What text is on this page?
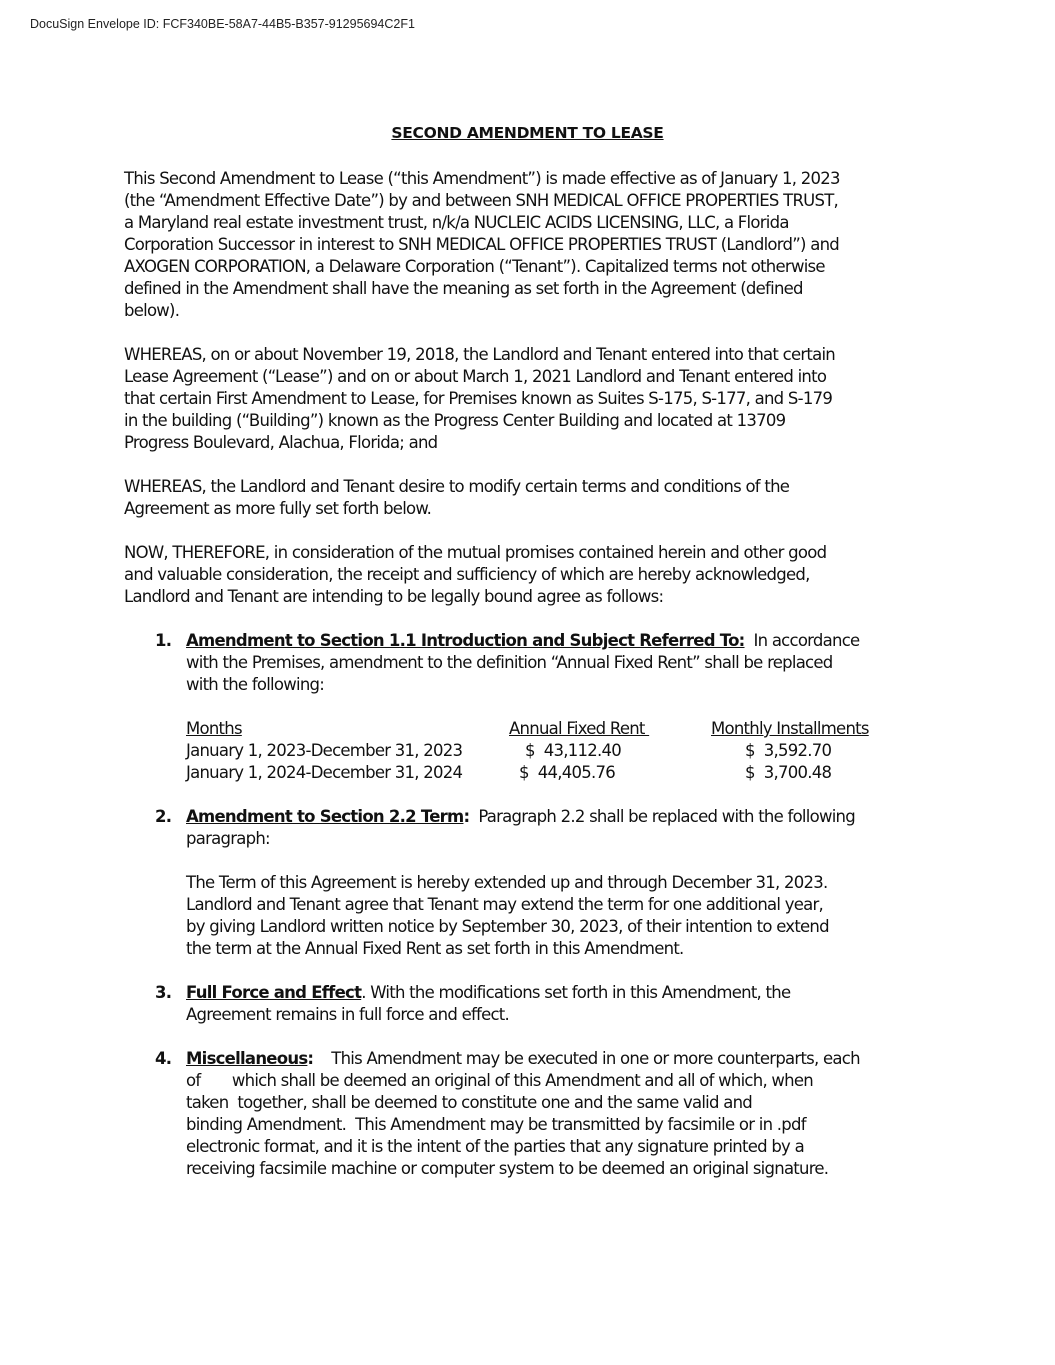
DocuSign Envelope ID: FCF340BE-58A7-44B5-B357-91295694C2F1
SECOND AMENDMENT TO LEASE

This Second Amendment to Lease (“this Amendment”) is made effective as of January 1, 2023
(the “Amendment Effective Date”) by and between SNH MEDICAL OFFICE PROPERTIES TRUST,
a Maryland real estate investment trust, n/k/a NUCLEIC ACIDS LICENSING, LLC, a Florida
Corporation Successor in interest to SNH MEDICAL OFFICE PROPERTIES TRUST (Landlord”) and
AXOGEN CORPORATION, a Delaware Corporation (“Tenant”). Capitalized terms not otherwise
defined in the Amendment shall have the meaning as set forth in the Agreement (defined
below).

WHEREAS, on or about November 19, 2018, the Landlord and Tenant entered into that certain
Lease Agreement (“Lease”) and on or about March 1, 2021 Landlord and Tenant entered into
that certain First Amendment to Lease, for Premises known as Suites S-175, S-177, and S-179
in the building (“Building”) known as the Progress Center Building and located at 13709
Progress Boulevard, Alachua, Florida; and

WHEREAS, the Landlord and Tenant desire to modify certain terms and conditions of the
Agreement as more fully set forth below.

NOW, THEREFORE, in consideration of the mutual promises contained herein and other good
and valuable consideration, the receipt and sufficiency of which are hereby acknowledged,
Landlord and Tenant are intending to be legally bound agree as follows:

1. Amendment to Section 1.1 Introduction and Subject Referred To:  In accordance
with the Premises, amendment to the definition “Annual Fixed Rent” shall be replaced
with the following:
Months	Annual Fixed Rent	Monthly Installments
January 1, 2023-December 31, 2023	$  43,112.40	$  3,592.70
January 1, 2024-December 31, 2024	$  44,405.76	$  3,700.48
2. Amendment to Section 2.2 Term:  Paragraph 2.2 shall be replaced with the following
paragraph:

The Term of this Agreement is hereby extended up and through December 31, 2023.
Landlord and Tenant agree that Tenant may extend the term for one additional year,
by giving Landlord written notice by September 30, 2023, of their intention to extend
the term at the Annual Fixed Rent as set forth in this Amendment.
3. Full Force and Effect. With the modifications set forth in this Amendment, the
Agreement remains in full force and effect.
4. Miscellaneous:    This Amendment may be executed in one or more counterparts, each
of       which shall be deemed an original of this Amendment and all of which, when
taken  together, shall be deemed to constitute one and the same valid and
binding Amendment.  This Amendment may be transmitted by facsimile or in .pdf
electronic format, and it is the intent of the parties that any signature printed by a
receiving facsimile machine or computer system to be deemed an original signature.
